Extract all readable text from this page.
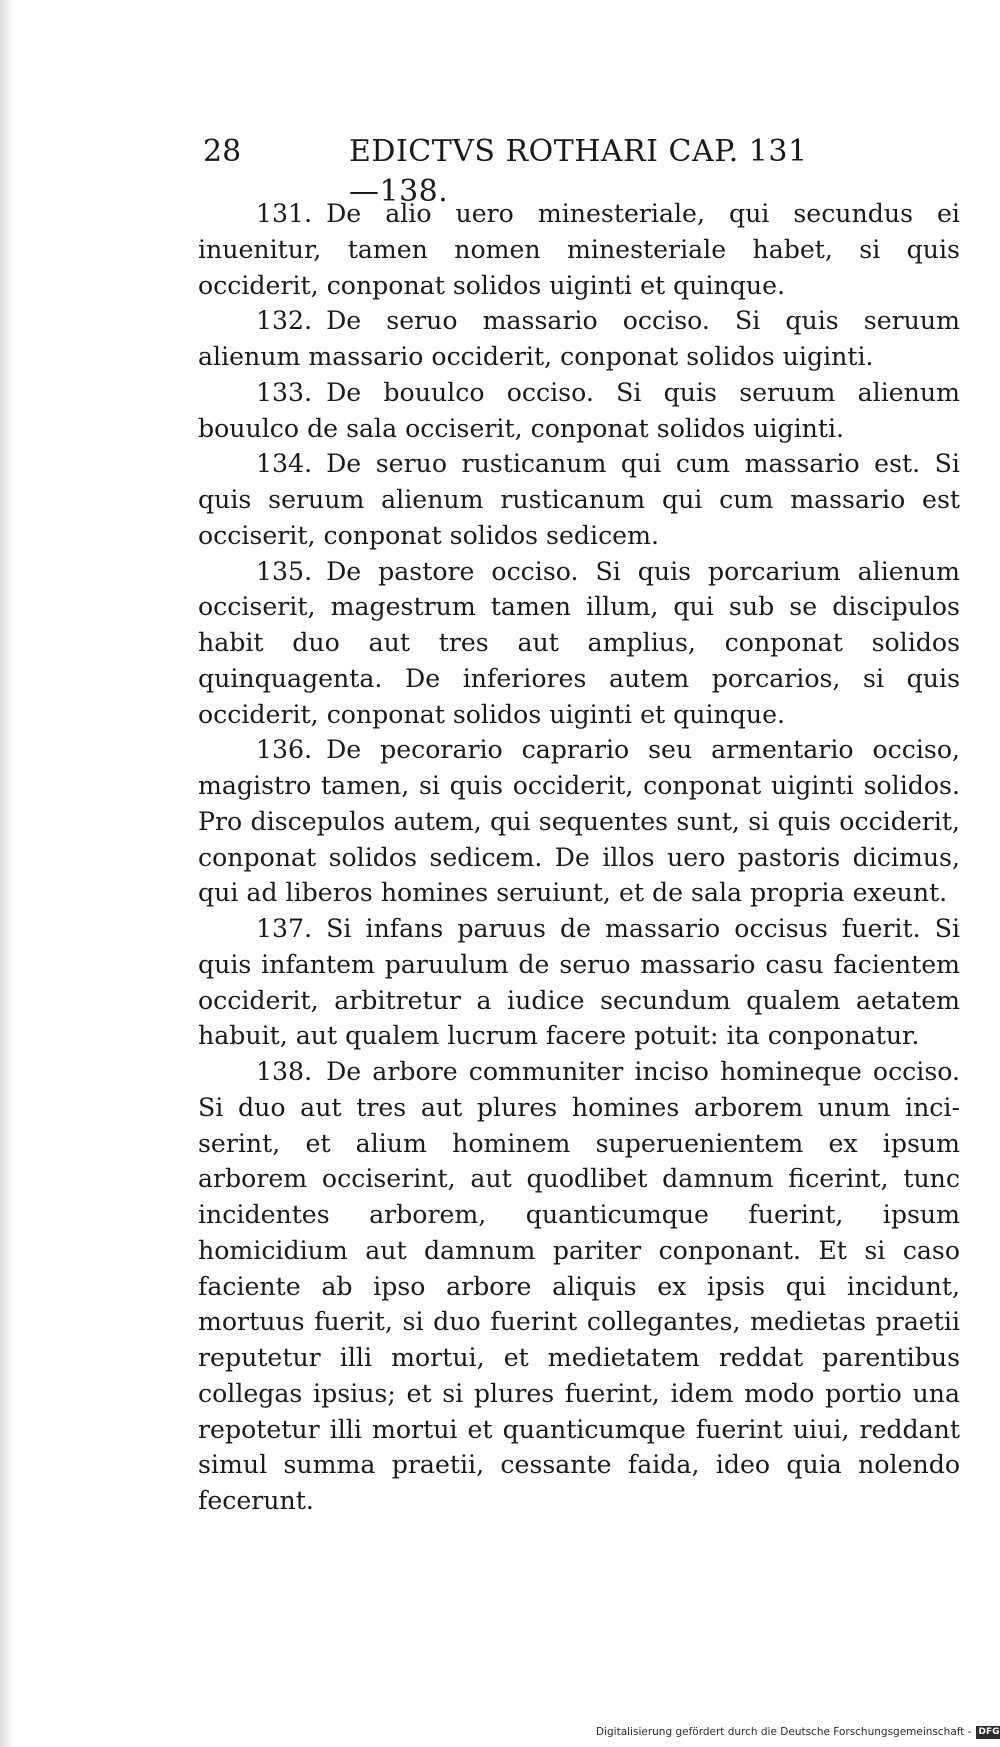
28	EDICTVS ROTHARI CAP. 131—138.

131. De alio uero minesteriale, qui secundus ei inuenitur, tamen nomen minesteriale habet, si quis occiderit, conponat solidos uiginti et quinque.

132. De seruo massario occiso. Si quis seruum alienum massario occiderit, conponat solidos uiginti.

133. De bouulco occiso. Si quis seruum alienum bouulco de sala occiserit, conponat solidos uiginti.

134. De seruo rusticanum qui cum massario est. Si quis seruum alienum rusticanum qui cum massario est occiserit, conponat solidos sedicem.

135. De pastore occiso. Si quis porcarium alienum occiserit, magestrum tamen illum, qui sub se discipulos habit duo aut tres aut amplius, conponat solidos quinquagenta. De inferiores autem porcarios, si quis occiderit, conponat solidos uiginti et quinque.

136. De pecorario caprario seu armentario occiso, magistro tamen, si quis occiderit, conponat uiginti solidos. Pro discepulos autem, qui sequentes sunt, si quis occiderit, conponat solidos sedicem. De illos uero pastoris dicimus, qui ad liberos homines seruiunt, et de sala propria exeunt.

137. Si infans paruus de massario occisus fuerit. Si quis infantem paruulum de seruo massario casu facientem occiderit, arbitretur a iudice secundum qualem aetatem habuit, aut qualem lucrum facere potuit: ita conponatur.

138. De arbore communiter inciso homineque occiso. Si duo aut tres aut plures homines arborem unum inciserint, et alium hominem superuenientem ex ipsum arborem occiserint, aut quodlibet damnum ficerint, tunc incidentes arborem, quanticumque fuerint, ipsum homicidium aut damnum pariter conponant. Et si caso faciente ab ipso arbore aliquis ex ipsis qui incidunt, mortuus fuerit, si duo fuerint collegantes, medietas praetii reputetur illi mortui, et medietatem reddat parentibus collegas ipsius; et si plures fuerint, idem modo portio una repotetur illi mortui et quanticumque fuerint uiui, reddant simul summa praetii, cessante faida, ideo quia nolendo fecerunt.

Digitalisierung gefördert durch die Deutsche Forschungsgemeinschaft - DFG
